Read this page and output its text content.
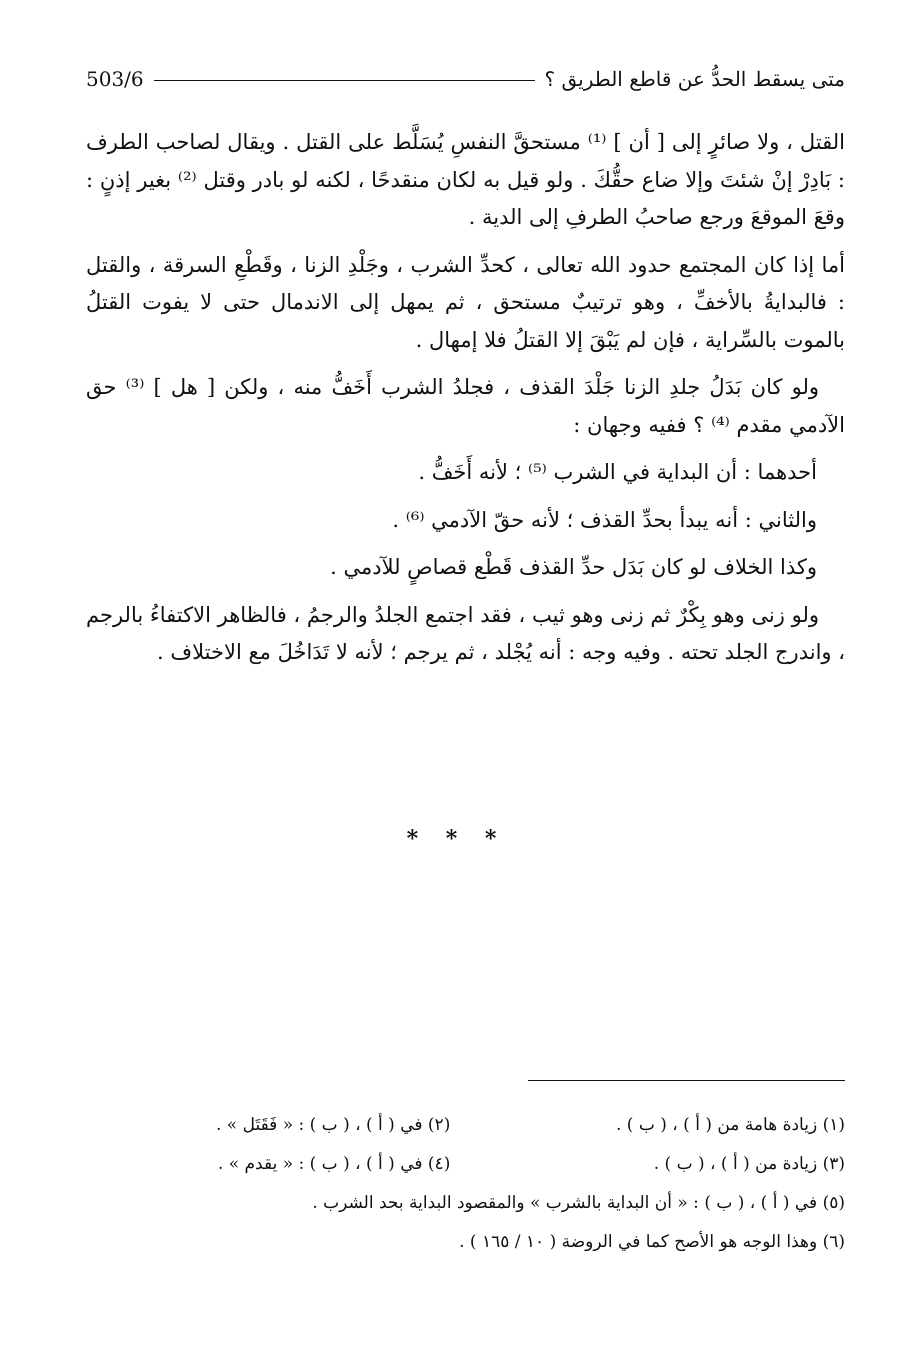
503/6	متى يسقط الحدُّ عن قاطع الطريق ؟

القتل ، ولا صائرٍ إلى [ أن ] ⁽¹⁾ مستحقَّ النفسِ يُسَلَّط على القتل . ويقال لصاحب الطرف : بَادِرْ إنْ شئتَ وإلا ضاع حقُّكَ . ولو قيل به لكان منقدحًا ، لكنه لو بادر وقتل ⁽²⁾ بغير إذنٍ : وقعَ الموقعَ ورجع صاحبُ الطرفِ إلى الدية .

أما إذا كان المجتمع حدود الله تعالى ، كحدِّ الشرب ، وجَلْدِ الزنا ، وقَطْعِ السرقة ، والقتل : فالبدايةُ بالأخفِّ ، وهو ترتيبٌ مستحق ، ثم يمهل إلى الاندمال حتى لا يفوت القتلُ بالموت بالسِّراية ، فإن لم يَبْقَ إلا القتلُ فلا إمهال .

ولو كان بَدَلُ جلدِ الزنا جَلْدَ القذف ، فجلدُ الشرب أَخَفُّ منه ، ولكن [ هل ] ⁽³⁾ حق الآدمي مقدم ⁽⁴⁾ ؟ ففيه وجهان :

أحدهما : أن البداية في الشرب ⁽⁵⁾ ؛ لأنه أَخَفُّ .

والثاني : أنه يبدأ بحدِّ القذف ؛ لأنه حقّ الآدمي ⁽⁶⁾ .

وكذا الخلاف لو كان بَدَل حدِّ القذف قَطْع قصاصٍ للآدمي .

ولو زنى وهو بِكْرٌ ثم زنى وهو ثيب ، فقد اجتمع الجلدُ والرجمُ ، فالظاهر الاكتفاءُ بالرجم ، واندرج الجلد تحته . وفيه وجه : أنه يُجْلد ، ثم يرجم ؛ لأنه لا تَدَاخُلَ مع الاختلاف .

* * *
(١) زيادة هامة من ( أ ) ، ( ب ) .
(٢) في ( أ ) ، ( ب ) : « فَقَتَل » .
(٣) زيادة من ( أ ) ، ( ب ) .
(٤) في ( أ ) ، ( ب ) : « يقدم » .
(٥) في ( أ ) ، ( ب ) : « أن البداية بالشرب » والمقصود البداية بحد الشرب .
(٦) وهذا الوجه هو الأصح كما في الروضة ( ١٠ / ١٦٥ ) .
